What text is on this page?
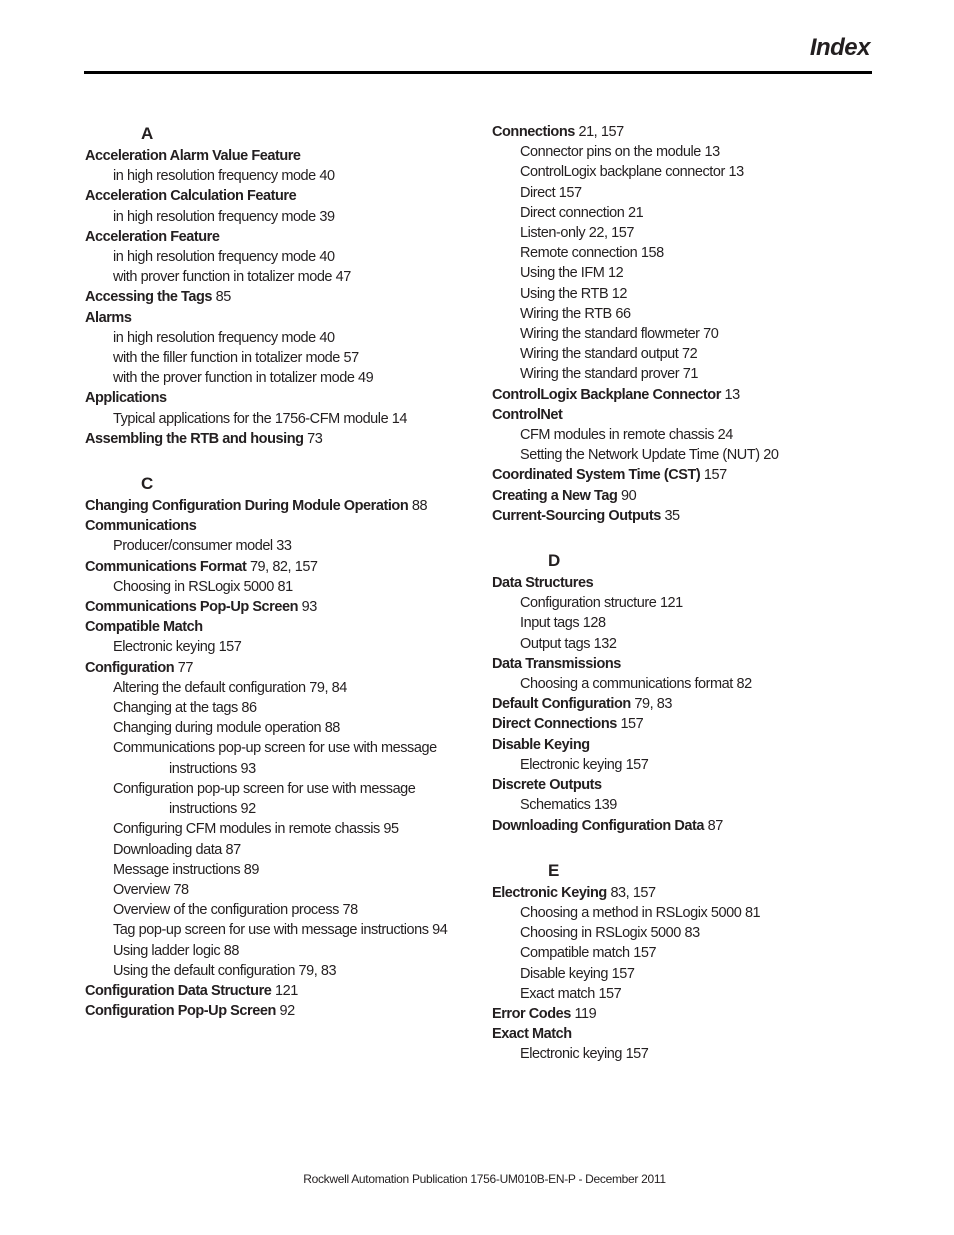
Index
A
Acceleration Alarm Value Feature
in high resolution frequency mode 40
Acceleration Calculation Feature
in high resolution frequency mode 39
Acceleration Feature
in high resolution frequency mode 40
with prover function in totalizer mode 47
Accessing the Tags 85
Alarms
in high resolution frequency mode 40
with the filler function in totalizer mode 57
with the prover function in totalizer mode 49
Applications
Typical applications for the 1756-CFM module 14
Assembling the RTB and housing 73
C
Changing Configuration During Module Operation 88
Communications
Producer/consumer model 33
Communications Format 79, 82, 157
Choosing in RSLogix 5000 81
Communications Pop-Up Screen 93
Compatible Match
Electronic keying 157
Configuration 77
Altering the default configuration 79, 84
Changing at the tags 86
Changing during module operation 88
Communications pop-up screen for use with message instructions 93
Configuration pop-up screen for use with message instructions 92
Configuring CFM modules in remote chassis 95
Downloading data 87
Message instructions 89
Overview 78
Overview of the configuration process 78
Tag pop-up screen for use with message instructions 94
Using ladder logic 88
Using the default configuration 79, 83
Configuration Data Structure 121
Configuration Pop-Up Screen 92
Connections 21, 157
Connector pins on the module 13
ControlLogix backplane connector 13
Direct 157
Direct connection 21
Listen-only 22, 157
Remote connection 158
Using the IFM 12
Using the RTB 12
Wiring the RTB 66
Wiring the standard flowmeter 70
Wiring the standard output 72
Wiring the standard prover 71
ControlLogix Backplane Connector 13
ControlNet
CFM modules in remote chassis 24
Setting the Network Update Time (NUT) 20
Coordinated System Time (CST) 157
Creating a New Tag 90
Current-Sourcing Outputs 35
D
Data Structures
Configuration structure 121
Input tags 128
Output tags 132
Data Transmissions
Choosing a communications format 82
Default Configuration 79, 83
Direct Connections 157
Disable Keying
Electronic keying 157
Discrete Outputs
Schematics 139
Downloading Configuration Data 87
E
Electronic Keying 83, 157
Choosing a method in RSLogix 5000 81
Choosing in RSLogix 5000 83
Compatible match 157
Disable keying 157
Exact match 157
Error Codes 119
Exact Match
Electronic keying 157
Rockwell Automation Publication 1756-UM010B-EN-P - December 2011
